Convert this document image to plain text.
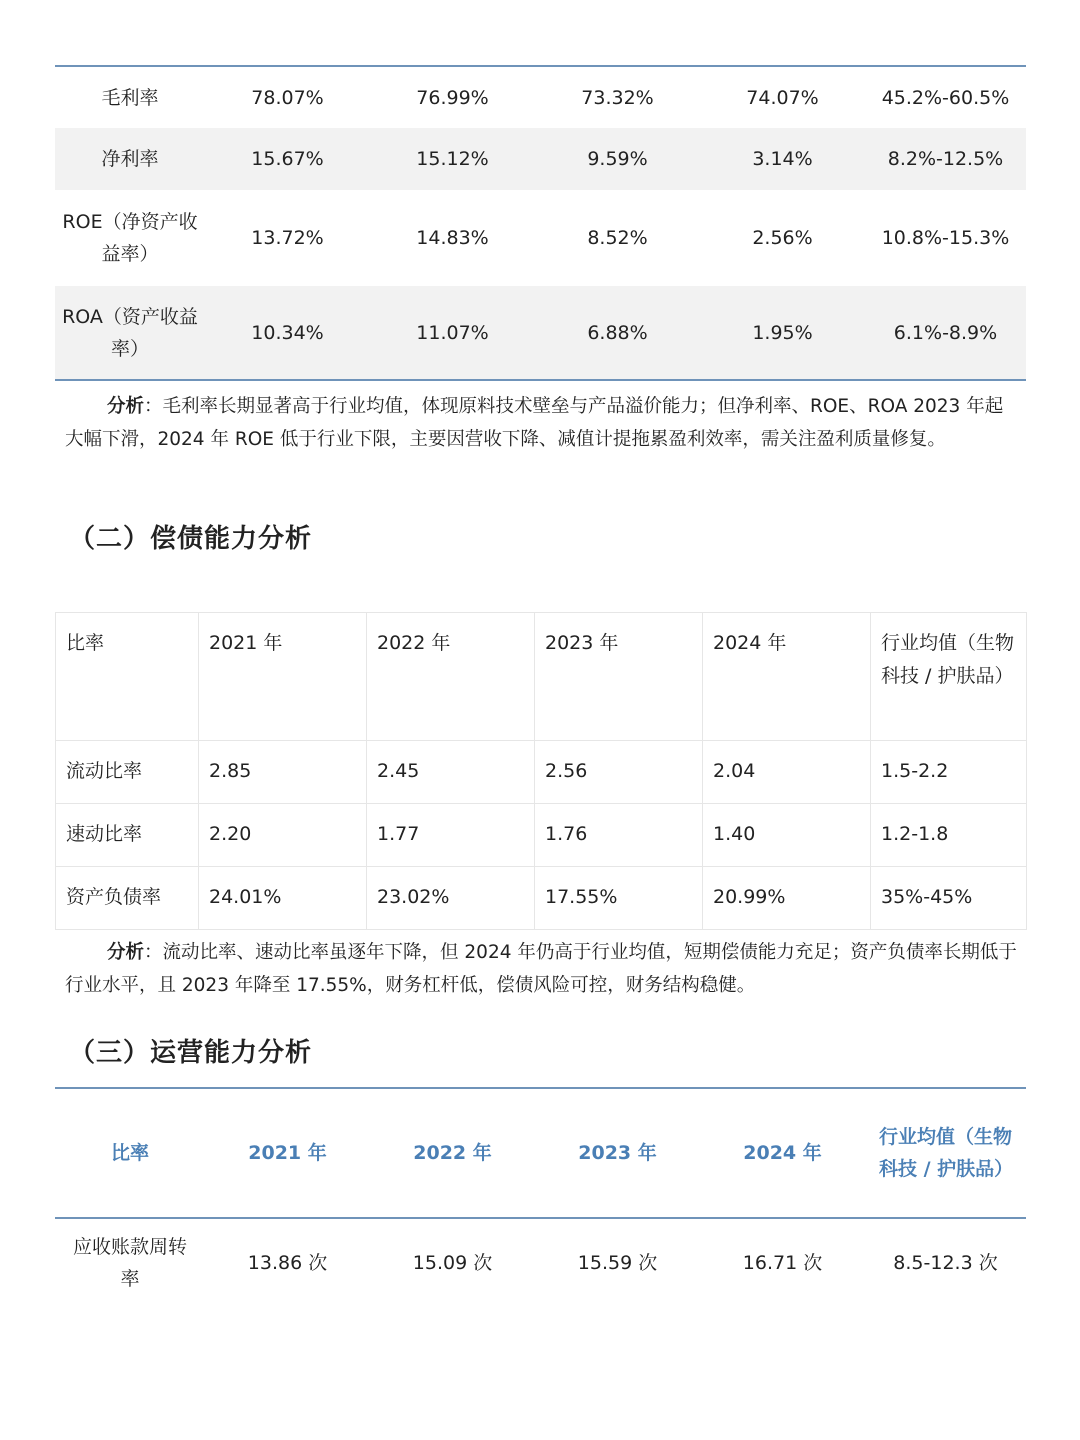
毛利率	78.07%	76.99%	73.32%	74.07%	45.2%-60.5%
净利率	15.67%	15.12%	9.59%	3.14%	8.2%-12.5%
ROE（净资产收益率）	13.72%	14.83%	8.52%	2.56%	10.8%-15.3%
ROA（资产收益率）	10.34%	11.07%	6.88%	1.95%	6.1%-8.9%

分析：毛利率长期显著高于行业均值，体现原料技术壁垒与产品溢价能力；但净利率、ROE、ROA 2023 年起大幅下滑，2024 年 ROE 低于行业下限，主要因营收下降、减值计提拖累盈利效率，需关注盈利质量修复。

（二）偿债能力分析
比率	2021 年	2022 年	2023 年	2024 年	行业均值（生物科技 / 护肤品）
流动比率	2.85	2.45	2.56	2.04	1.5-2.2
速动比率	2.20	1.77	1.76	1.40	1.2-1.8
资产负债率	24.01%	23.02%	17.55%	20.99%	35%-45%

分析：流动比率、速动比率虽逐年下降，但 2024 年仍高于行业均值，短期偿债能力充足；资产负债率长期低于行业水平，且 2023 年降至 17.55%，财务杠杆低，偿债风险可控，财务结构稳健。

（三）运营能力分析
比率	2021 年	2022 年	2023 年	2024 年	行业均值（生物科技 / 护肤品）
应收账款周转率	13.86 次	15.09 次	15.59 次	16.71 次	8.5-12.3 次
